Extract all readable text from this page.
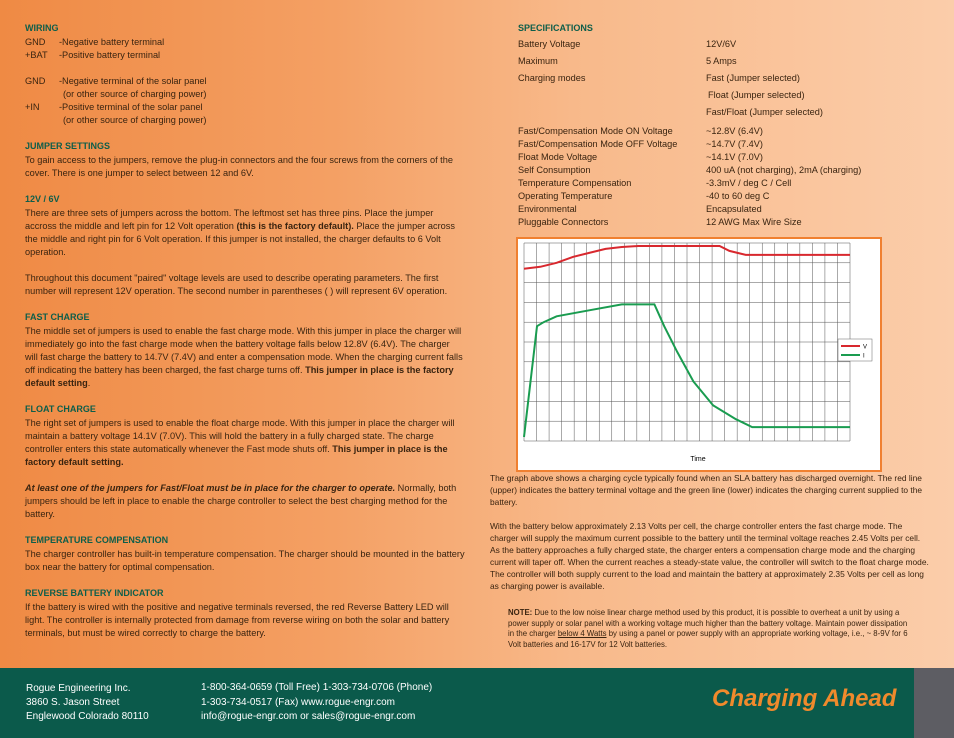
WIRING
GND	-Negative battery terminal
+BAT	-Positive battery terminal
GND	-Negative terminal of the solar panel
(or other source of charging power)
+IN	-Positive terminal of the solar panel
(or other source of charging power)
JUMPER SETTINGS

To gain access to the jumpers, remove the plug-in connectors and the four screws from the corners of the cover. There is one jumper to select between 12 and 6V.

12V / 6V

There are three sets of jumpers across the bottom. The leftmost set has three pins. Place the jumper accross the middle and left pin for 12 Volt operation (this is the factory default). Place the jumper across the middle and right pin for 6 Volt operation. If this jumper is not installed, the charger defaults to 6 Volt operation.

Throughout this document "paired" voltage levels are used to describe operating parameters. The first number will represent 12V operation. The second number in parentheses ( ) will represent 6V operation.

FAST CHARGE

The middle set of jumpers is used to enable the fast charge mode. With this jumper in place the charger will immediately go into the fast charge mode when the battery voltage falls below 12.8V (6.4V). The charger will fast charge the battery to 14.7V (7.4V) and enter a compensation mode. When the charging current falls off indicating the battery has been charged, the fast charge turns off. This jumper in place is the factory default setting.

FLOAT CHARGE

The right set of jumpers is used to enable the float charge mode. With this jumper in place the charger will maintain a battery voltage 14.1V (7.0V). This will hold the battery in a fully charged state. The charge controller enters this state automatically whenever the Fast mode shuts off. This jumper in place is the factory default setting.

At least one of the jumpers for Fast/Float must be in place for the charger to operate. Normally, both jumpers should be left in place to enable the charge controller to select the best charging method for the battery.

TEMPERATURE COMPENSATION

The charger controller has built-in temperature compensation. The charger should be mounted in the battery box near the battery for optimal compensation.

REVERSE BATTERY INDICATOR

If the battery is wired with the positive and negative terminals reversed, the red Reverse Battery LED will light. The controller is internally protected from damage from reverse wiring on both the solar and battery terminals, but must be wired correctly to charge the battery.

SPECIFICATIONS
Battery Voltage	12V/6V
Maximum	5 Amps
Charging modes	Fast (Jumper selected)
Float (Jumper selected)
Fast/Float (Jumper selected)
Fast/Compensation Mode ON Voltage	~12.8V (6.4V)
Fast/Compensation Mode OFF Voltage	~14.7V (7.4V)
Float Mode Voltage	~14.1V (7.0V)
Self Consumption	400 uA (not charging), 2mA (charging)
Temperature Compensation	-3.3mV / deg C / Cell
Operating Temperature	-40 to 60 deg C
Environmental	Encapsulated
Pluggable Connectors	12 AWG Max Wire Size
V
I
Time
The graph above shows a charging cycle typically found when an SLA battery has discharged overnight. The red line (upper) indicates the battery terminal voltage and the green line (lower) indicates the charging current supplied to the battery.
With the battery below approximately 2.13 Volts per cell, the charge controller enters the fast charge mode. The charger will supply the maximum current possible to the battery until the terminal voltage reaches 2.45 Volts per cell. As the battery approaches a fully charged state, the charger enters a compensation charge mode and the charging current will taper off. When the current reaches a steady-state value, the controller will switch to the float charge mode. The controller will both supply current to the load and maintain the battery at approximately 2.35 Volts per cell as long as charging power is available.
NOTE: Due to the low noise linear charge method used by this product, it is possible to overheat a unit by using a power supply or solar panel with a working voltage much higher than the battery voltage. Maintain power dissipation in the charger below 4 Watts by using a panel or power supply with an appropriate working voltage, i.e., ~ 8-9V for 6 Volt batteries and 16-17V for 12 Volt batteries.
Rogue Engineering Inc.
3860 S. Jason Street
Englewood Colorado 80110
1-800-364-0659 (Toll Free) 1-303-734-0706 (Phone)
1-303-734-0517 (Fax) www.rogue-engr.com
info@rogue-engr.com or sales@rogue-engr.com
Charging Ahead
